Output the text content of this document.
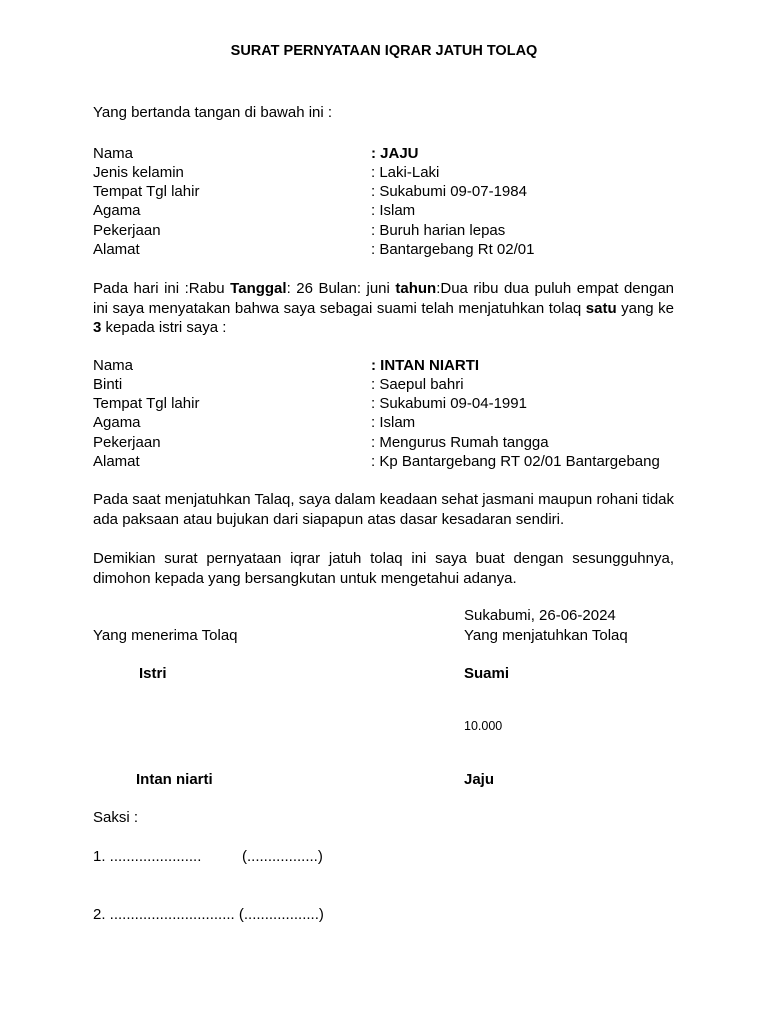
SURAT PERNYATAAN IQRAR JATUH TOLAQ
Yang bertanda tangan di bawah ini :
Nama	: JAJU
Jenis kelamin	: Laki-Laki
Tempat Tgl lahir	: Sukabumi 09-07-1984
Agama	: Islam
Pekerjaan	: Buruh harian lepas
Alamat	: Bantargebang Rt 02/01
Pada hari ini :Rabu Tanggal: 26 Bulan: juni tahun:Dua ribu dua puluh empat dengan ini saya menyatakan bahwa saya sebagai suami telah menjatuhkan tolaq satu yang ke 3 kepada istri saya :
Nama	: INTAN NIARTI
Binti	: Saepul bahri
Tempat Tgl lahir	: Sukabumi 09-04-1991
Agama	: Islam
Pekerjaan	: Mengurus Rumah tangga
Alamat	: Kp Bantargebang RT 02/01 Bantargebang
Pada saat menjatuhkan Talaq, saya dalam keadaan sehat jasmani maupun rohani tidak ada paksaan atau bujukan dari siapapun atas dasar kesadaran sendiri.
Demikian surat pernyataan iqrar jatuh tolaq ini saya buat dengan sesungguhnya, dimohon kepada yang bersangkutan untuk mengetahui adanya.
Sukabumi, 26-06-2024
Yang menerima Tolaq	Yang menjatuhkan Tolaq
Istri	Suami
10.000
Intan niarti	Jaju
Saksi :
1. ......................	(.................)
2. .............................. (..................)
